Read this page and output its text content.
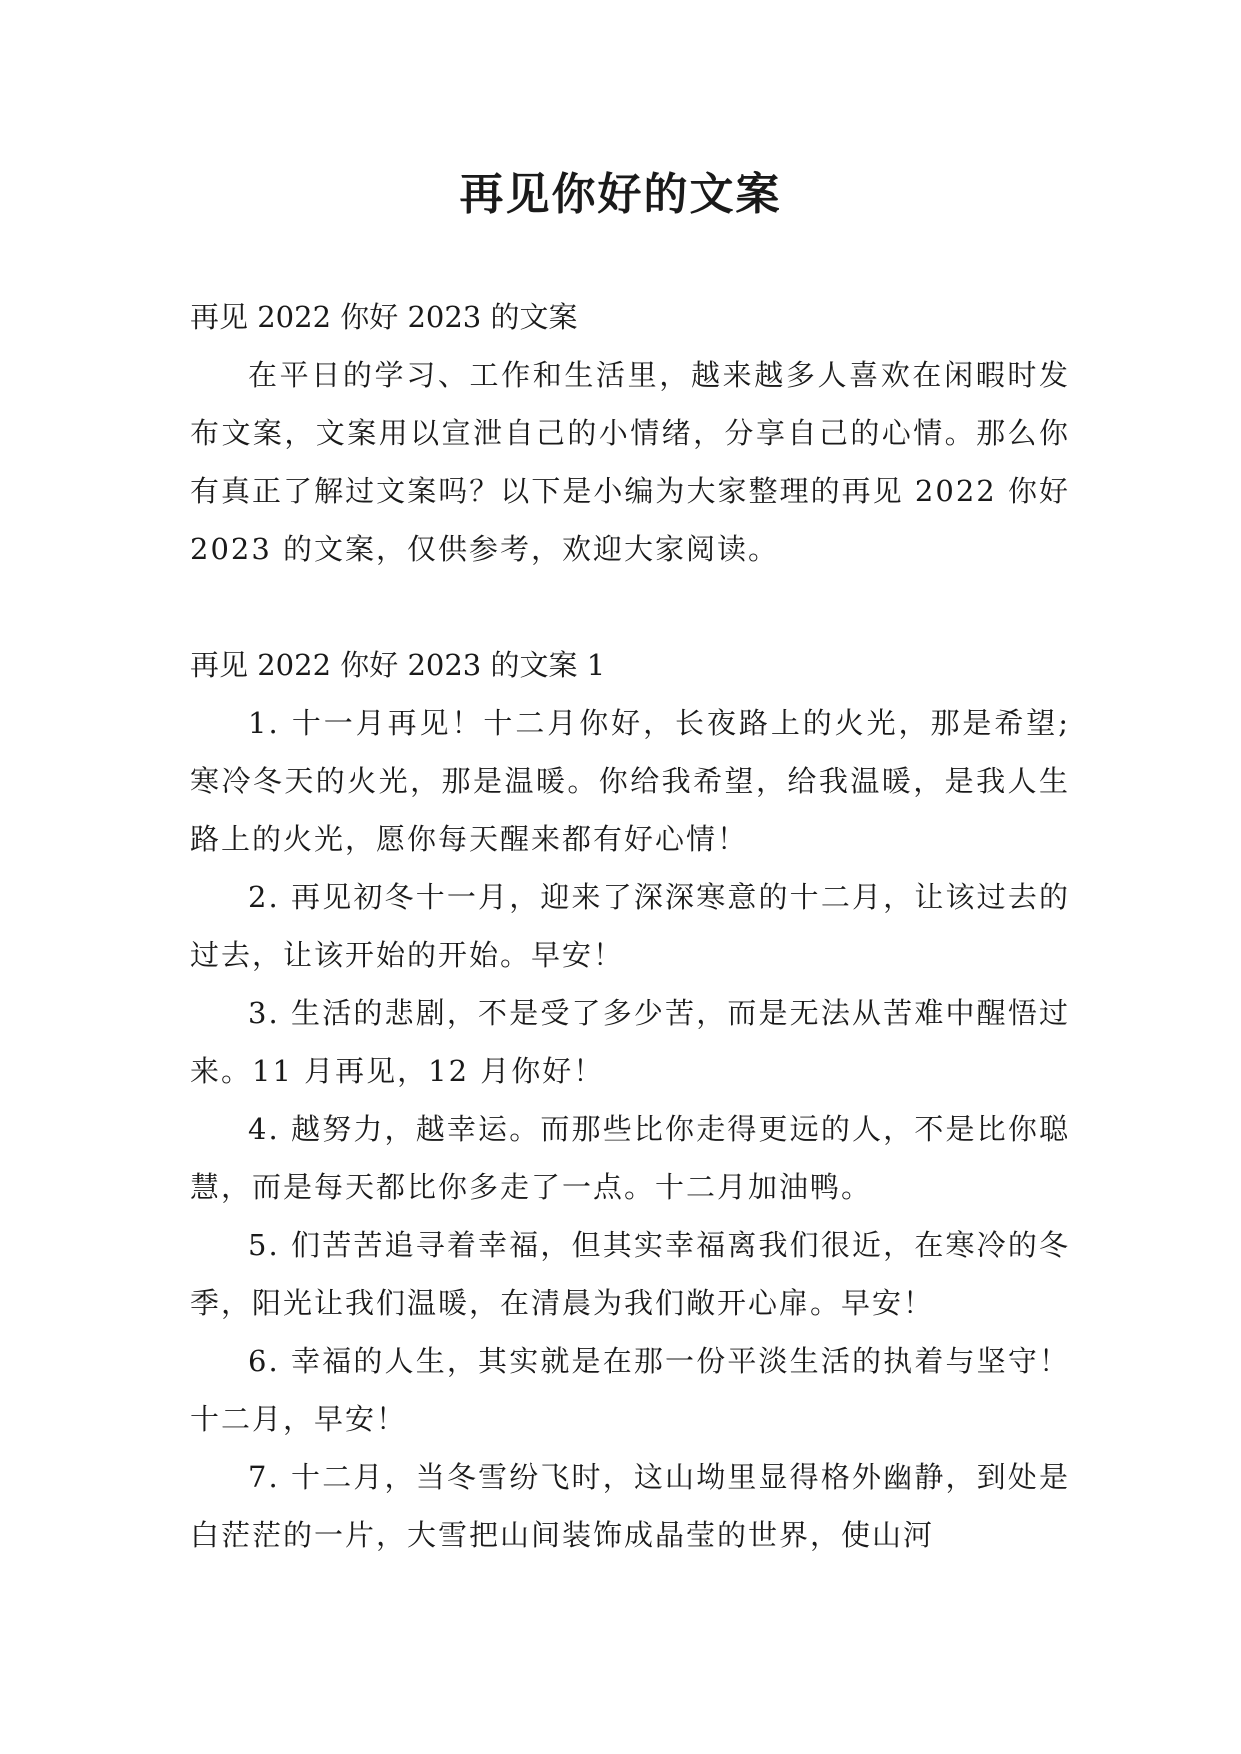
再见你好的文案

再见 2022 你好 2023 的文案

在平日的学习、工作和生活里，越来越多人喜欢在闲暇时发布文案，文案用以宣泄自己的小情绪，分享自己的心情。那么你有真正了解过文案吗？以下是小编为大家整理的再见 2022 你好 2023 的文案，仅供参考，欢迎大家阅读。

再见 2022 你好 2023 的文案 1

1. 十一月再见！十二月你好，长夜路上的火光，那是希望;寒冷冬天的火光，那是温暖。你给我希望，给我温暖，是我人生路上的火光，愿你每天醒来都有好心情！

2. 再见初冬十一月，迎来了深深寒意的十二月，让该过去的过去，让该开始的开始。早安！

3. 生活的悲剧，不是受了多少苦，而是无法从苦难中醒悟过来。11 月再见，12 月你好！

4. 越努力，越幸运。而那些比你走得更远的人，不是比你聪慧，而是每天都比你多走了一点。十二月加油鸭。

5. 们苦苦追寻着幸福，但其实幸福离我们很近，在寒冷的冬季，阳光让我们温暖，在清晨为我们敞开心扉。早安！

6. 幸福的人生，其实就是在那一份平淡生活的执着与坚守！十二月，早安！

7. 十二月，当冬雪纷飞时，这山坳里显得格外幽静，到处是白茫茫的一片，大雪把山间装饰成晶莹的世界，使山河
